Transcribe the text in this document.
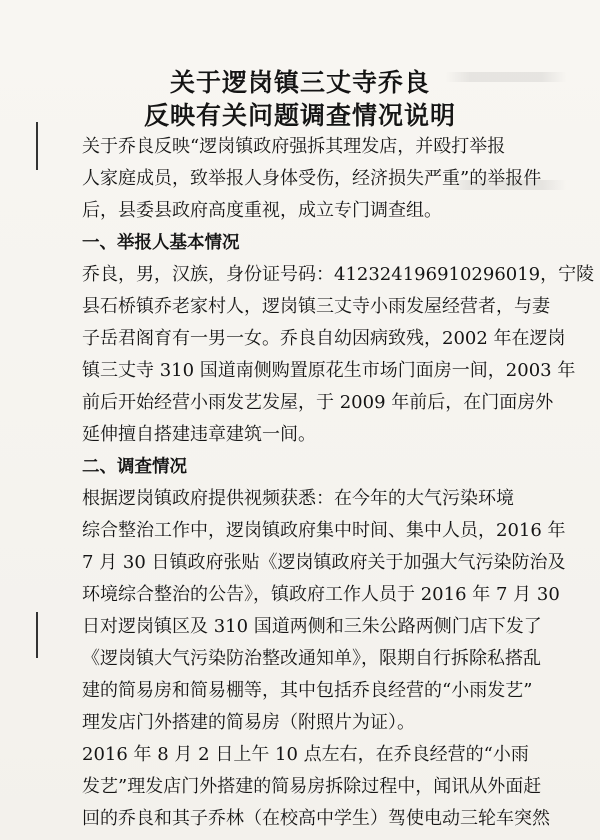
关于逻岗镇三丈寺乔良
反映有关问题调查情况说明
关于乔良反映“逻岗镇政府强拆其理发店，并殴打举报
人家庭成员，致举报人身体受伤，经济损失严重”的举报件
后，县委县政府高度重视，成立专门调查组。
一、举报人基本情况
乔良，男，汉族，身份证号码：412324196910296019，宁陵
县石桥镇乔老家村人，逻岗镇三丈寺小雨发屋经营者，与妻
子岳君阁育有一男一女。乔良自幼因病致残，2002 年在逻岗
镇三丈寺 310 国道南侧购置原花生市场门面房一间，2003 年
前后开始经营小雨发艺发屋，于 2009 年前后，在门面房外
延伸擅自搭建违章建筑一间。
二、调查情况
根据逻岗镇政府提供视频获悉：在今年的大气污染环境
综合整治工作中，逻岗镇政府集中时间、集中人员，2016 年
7 月 30 日镇政府张贴《逻岗镇政府关于加强大气污染防治及
环境综合整治的公告》，镇政府工作人员于 2016 年 7 月 30
日对逻岗镇区及 310 国道两侧和三朱公路两侧门店下发了
《逻岗镇大气污染防治整改通知单》，限期自行拆除私搭乱
建的简易房和简易棚等，其中包括乔良经营的“小雨发艺”
理发店门外搭建的简易房（附照片为证）。
2016 年 8 月 2 日上午 10 点左右，在乔良经营的“小雨
发艺”理发店门外搭建的简易房拆除过程中，闻讯从外面赶
回的乔良和其子乔林（在校高中学生）驾使电动三轮车突然
